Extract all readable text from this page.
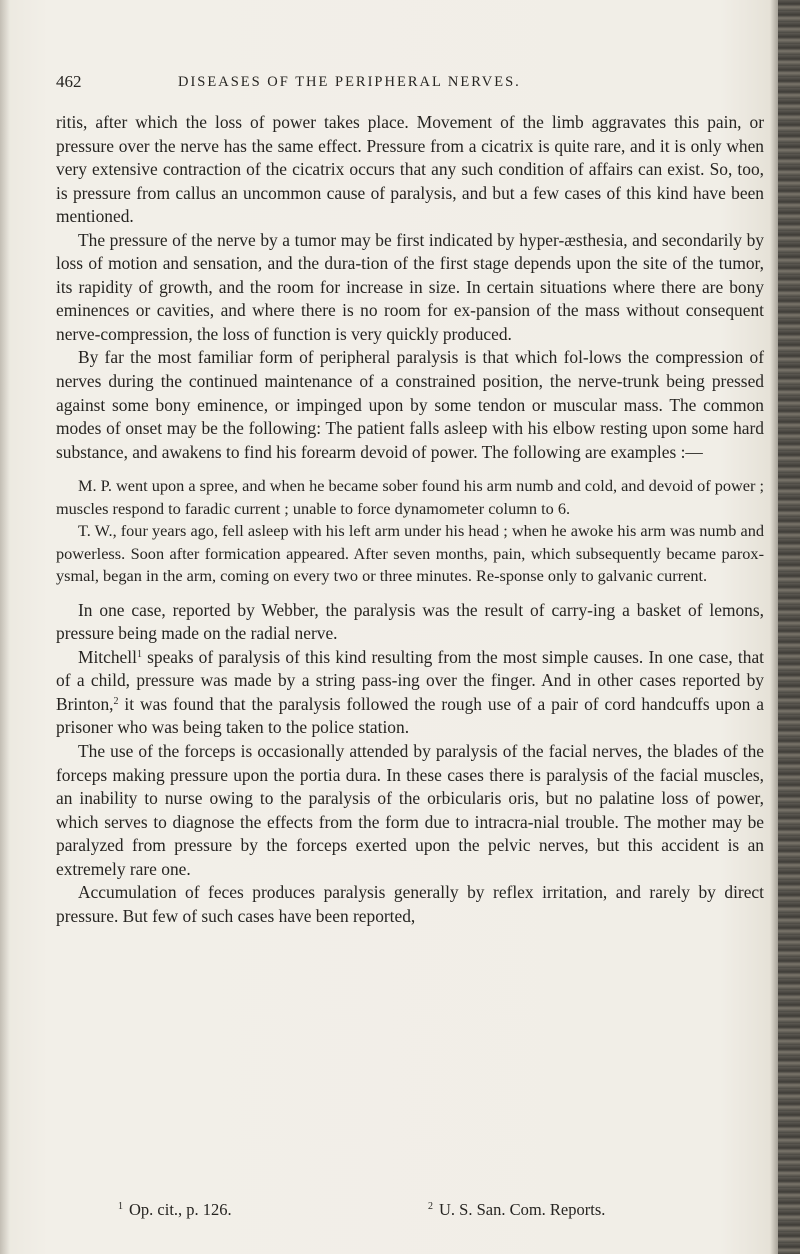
462	DISEASES OF THE PERIPHERAL NERVES.

ritis, after which the loss of power takes place. Movement of the limb aggravates this pain, or pressure over the nerve has the same effect. Pressure from a cicatrix is quite rare, and it is only when very extensive contraction of the cicatrix occurs that any such condition of affairs can exist. So, too, is pressure from callus an uncommon cause of paralysis, and but a few cases of this kind have been mentioned.

The pressure of the nerve by a tumor may be first indicated by hyper-æsthesia, and secondarily by loss of motion and sensation, and the dura-tion of the first stage depends upon the site of the tumor, its rapidity of growth, and the room for increase in size. In certain situations where there are bony eminences or cavities, and where there is no room for ex-pansion of the mass without consequent nerve-compression, the loss of function is very quickly produced.

By far the most familiar form of peripheral paralysis is that which fol-lows the compression of nerves during the continued maintenance of a constrained position, the nerve-trunk being pressed against some bony eminence, or impinged upon by some tendon or muscular mass. The common modes of onset may be the following: The patient falls asleep with his elbow resting upon some hard substance, and awakens to find his forearm devoid of power. The following are examples :—

M. P. went upon a spree, and when he became sober found his arm numb and cold, and devoid of power ; muscles respond to faradic current ; unable to force dynamometer column to 6.

T. W., four years ago, fell asleep with his left arm under his head ; when he awoke his arm was numb and powerless. Soon after formication appeared. After seven months, pain, which subsequently became parox-ysmal, began in the arm, coming on every two or three minutes. Re-sponse only to galvanic current.

In one case, reported by Webber, the paralysis was the result of carry-ing a basket of lemons, pressure being made on the radial nerve.

Mitchell$^1$ speaks of paralysis of this kind resulting from the most simple causes. In one case, that of a child, pressure was made by a string pass-ing over the finger. And in other cases reported by Brinton,$^2$ it was found that the paralysis followed the rough use of a pair of cord handcuffs upon a prisoner who was being taken to the police station.

The use of the forceps is occasionally attended by paralysis of the facial nerves, the blades of the forceps making pressure upon the portia dura. In these cases there is paralysis of the facial muscles, an inability to nurse owing to the paralysis of the orbicularis oris, but no palatine loss of power, which serves to diagnose the effects from the form due to intracra-nial trouble. The mother may be paralyzed from pressure by the forceps exerted upon the pelvic nerves, but this accident is an extremely rare one.

Accumulation of feces produces paralysis generally by reflex irritation, and rarely by direct pressure. But few of such cases have been reported,

$^1$ Op. cit., p. 126.	$^2$ U. S. San. Com. Reports.
